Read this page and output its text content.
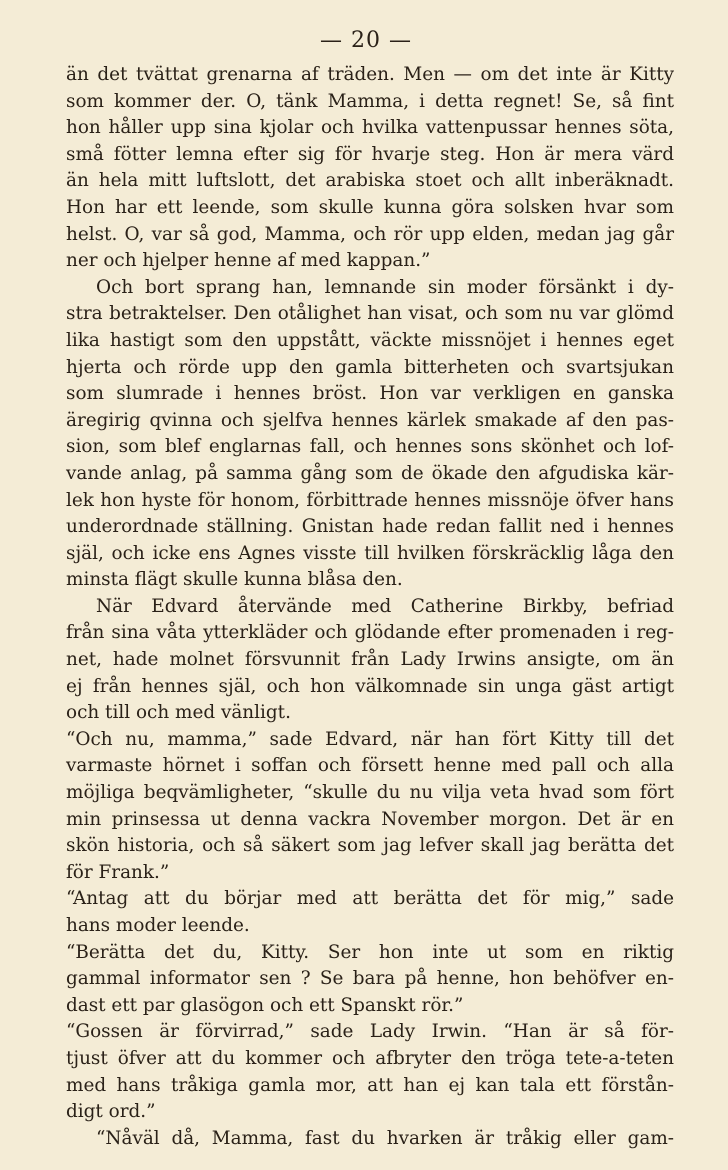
— 20 —
än det tvättat grenarna af träden. Men — om det inte är Kitty
som kommer der. O, tänk Mamma, i detta regnet! Se, så fint
hon håller upp sina kjolar och hvilka vattenpussar hennes söta,
små fötter lemna efter sig för hvarje steg. Hon är mera värd
än hela mitt luftslott, det arabiska stoet och allt inberäknadt.
Hon har ett leende, som skulle kunna göra solsken hvar som
helst. O, var så god, Mamma, och rör upp elden, medan jag går
ner och hjelper henne af med kappan.”
Och bort sprang han, lemnande sin moder försänkt i dy-
stra betraktelser. Den otålighet han visat, och som nu var glömd
lika hastigt som den uppstått, väckte missnöjet i hennes eget
hjerta och rörde upp den gamla bitterheten och svartsjukan
som slumrade i hennes bröst. Hon var verkligen en ganska
äregirig qvinna och sjelfva hennes kärlek smakade af den pas-
sion, som blef englarnas fall, och hennes sons skönhet och lof-
vande anlag, på samma gång som de ökade den afgudiska kär-
lek hon hyste för honom, förbittrade hennes missnöje öfver hans
underordnade ställning. Gnistan hade redan fallit ned i hennes
själ, och icke ens Agnes visste till hvilken förskräcklig låga den
minsta flägt skulle kunna blåsa den.
När Edvard återvände med Catherine Birkby, befriad
från sina våta ytterkläder och glödande efter promenaden i reg-
net, hade molnet försvunnit från Lady Irwins ansigte, om än
ej från hennes själ, och hon välkomnade sin unga gäst artigt
och till och med vänligt.
“Och nu, mamma,” sade Edvard, när han fört Kitty till det
varmaste hörnet i soffan och försett henne med pall och alla
möjliga beqvämligheter, “skulle du nu vilja veta hvad som fört
min prinsessa ut denna vackra November morgon. Det är en
skön historia, och så säkert som jag lefver skall jag berätta det
för Frank.”
“Antag att du börjar med att berätta det för mig,” sade
hans moder leende.
“Berätta det du, Kitty. Ser hon inte ut som en riktig
gammal informator sen ? Se bara på henne, hon behöfver en-
dast ett par glasögon och ett Spanskt rör.”
“Gossen är förvirrad,” sade Lady Irwin. “Han är så för-
tjust öfver att du kommer och afbryter den tröga tete-a-teten
med hans tråkiga gamla mor, att han ej kan tala ett förstån-
digt ord.”
“Nåväl då, Mamma, fast du hvarken är tråkig eller gam-
